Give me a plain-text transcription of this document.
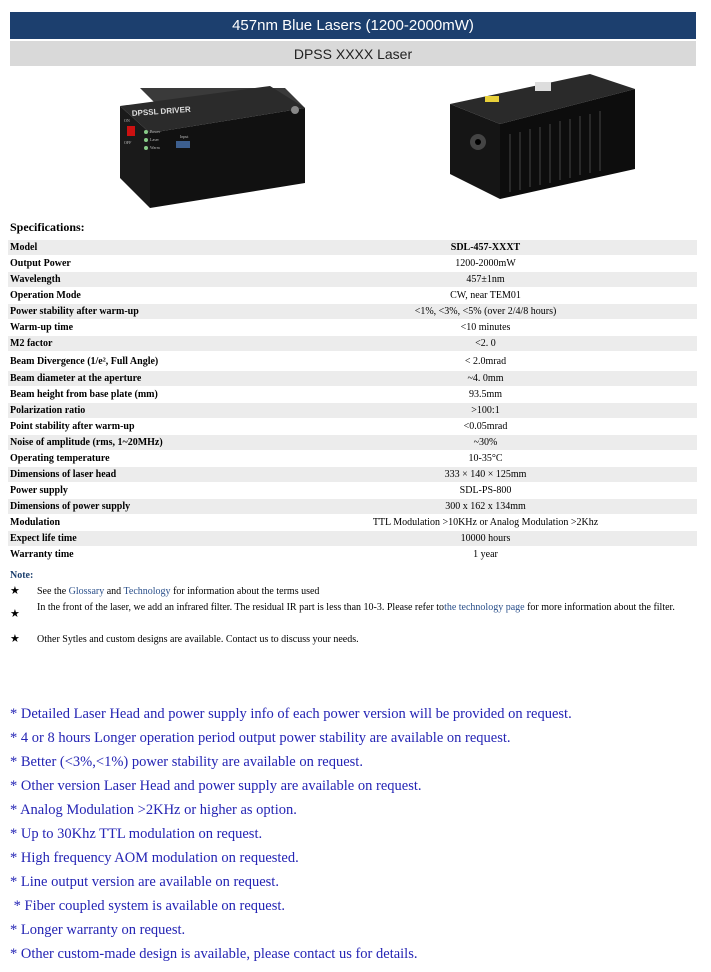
457nm Blue Lasers (1200-2000mW)
DPSS XXXX Laser
DPSSL DRIVER
ON
OFF
Power
Laser
Warm
Input
Specifications:
Model	SDL-457-XXXT
Output Power	1200-2000mW
Wavelength	457±1nm
Operation Mode	CW, near TEM01
Power stability after warm-up	<1%, <3%, <5% (over 2/4/8 hours)
Warm-up time	<10 minutes
M2 factor	<2. 0
Beam Divergence (1/e², Full Angle)	< 2.0mrad
Beam diameter at the aperture	~4. 0mm
Beam height from base plate (mm)	93.5mm
Polarization ratio	>100:1
Point stability after warm-up	<0.05mrad
Noise of amplitude (rms, 1~20MHz)	~30%
Operating temperature	10-35°C
Dimensions of laser head	333 × 140 × 125mm
Power supply	SDL-PS-800
Dimensions of power supply	300 x 162 x 134mm
Modulation	TTL Modulation >10KHz or Analog Modulation >2Khz
Expect life time	10000 hours
Warranty time	1 year
Note:
★	See the Glossary and Technology for information about the terms used
★
In the front of the laser, we add an infrared filter. The residual IR part is less than 10-3. Please refer tothe technology page for more information about the filter.
★	Other Sytles and custom designs are available. Contact us to discuss your needs.
* Detailed Laser Head and power supply info of each power version will be provided on request.
* 4 or 8 hours Longer operation period output power stability are available on request.
* Better (<3%,<1%) power stability are available on request.
* Other version Laser Head and power supply are available on request.
* Analog Modulation >2KHz or higher as option.
* Up to 30Khz TTL modulation on request.
* High frequency AOM modulation on requested.
* Line output version are available on request.
* Fiber coupled system is available on request.
* Longer warranty on request.
* Other custom-made design is available, please contact us for details.
